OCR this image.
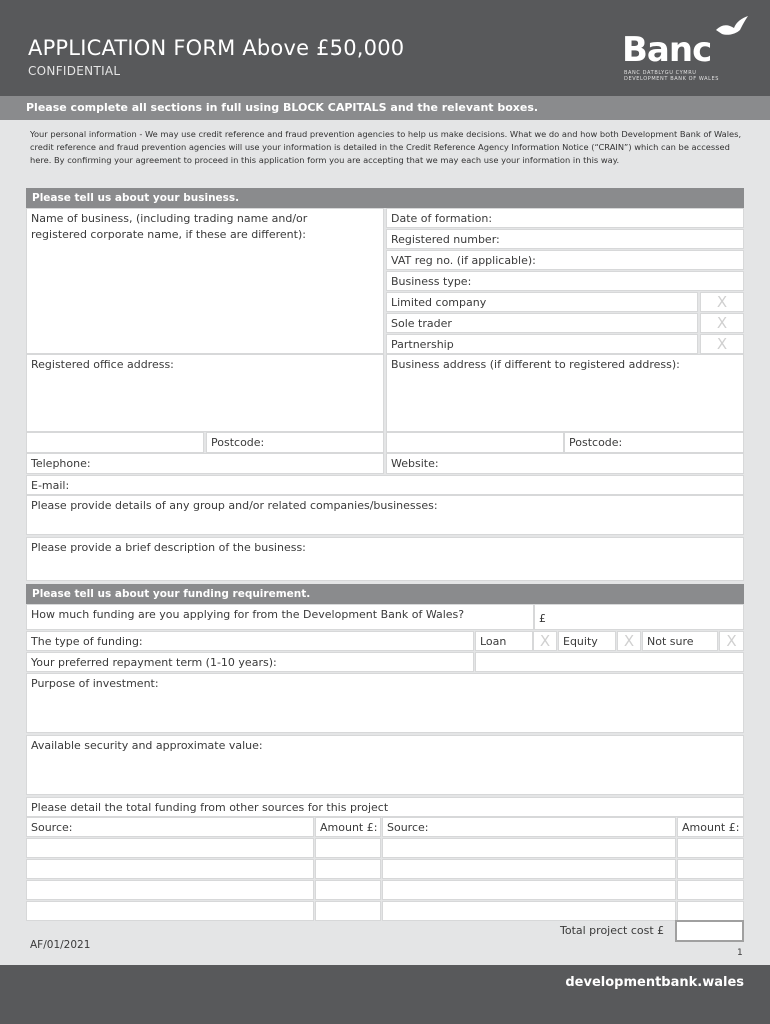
APPLICATION FORM Above £50,000
CONFIDENTIAL
Banc
BANC DATBLYGU CYMRU
DEVELOPMENT BANK OF WALES
Please complete all sections in full using BLOCK CAPITALS and the relevant boxes.
Your personal information - We may use credit reference and fraud prevention agencies to help us make decisions. What we do and how both Development Bank of Wales, credit reference and fraud prevention agencies will use your information is detailed in the Credit Reference Agency Information Notice (“CRAIN”) which can be accessed here. By confirming your agreement to proceed in this application form you are accepting that we may each use your information in this way.
Please tell us about your business.
Name of business, (including trading name and/or registered corporate name, if these are different):
Date of formation:
Registered number:
VAT reg no. (if applicable):
Business type:
Limited company	X
Sole trader	X
Partnership	X
Registered office address:	Business address (if different to registered address):
Postcode:	Postcode:
Telephone:	Website:
E-mail:
Please provide details of any group and/or related companies/businesses:
Please provide a brief description of the business:
Please tell us about your funding requirement.
How much funding are you applying for from the Development Bank of Wales?	£
The type of funding:	Loan	X	Equity	X	Not sure	X
Your preferred repayment term (1-10 years):
Purpose of investment:
Available security and approximate value:
Please detail the total funding from other sources for this project
Source:	Amount £: Source:	Amount £:
Total project cost £
AF/01/2021
1
developmentbank.wales
